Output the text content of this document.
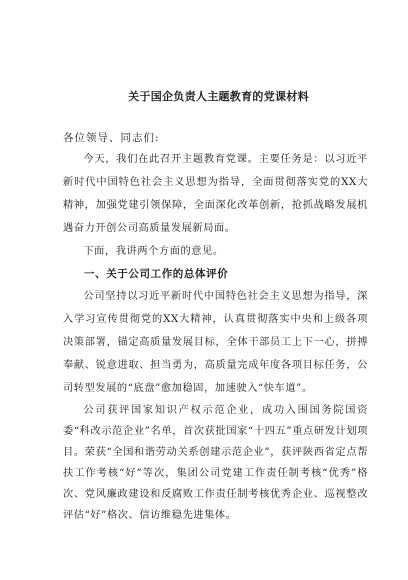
关于国企负责人主题教育的党课材料

各位领导、同志们:

今天，我们在此召开主题教育党课。主要任务是：以习近平新时代中国特色社会主义思想为指导，全面贯彻落实党的XX大精神，加强党建引领保障，全面深化改革创新，抢抓战略发展机遇奋力开创公司高质量发展新局面。

下面，我讲两个方面的意见。

一、关于公司工作的总体评价

公司坚持以习近平新时代中国特色社会主义思想为指导，深入学习宣传贯彻党的XX大精神，认真贯彻落实中央和上级各项决策部署，锚定高质量发展目标，全体干部员工上下一心，拼搏奉献、锐意进取、担当勇为，高质量完成年度各项目标任务，公司转型发展的“底盘”愈加稳固，加速驶入“快车道”。

公司获评国家知识产权示范企业，成功入围国务院国资委“科改示范企业”名单，首次获批国家“十四五”重点研发计划项目。荣获“全国和谐劳动关系创建示范企业”，获评陕西省定点帮扶工作考核“好”等次，集团公司党建工作责任制考核“优秀”格次、党风廉政建设和反腐败工作责任制考核优秀企业、巡视整改评估“好”格次、信访维稳先进集体。
